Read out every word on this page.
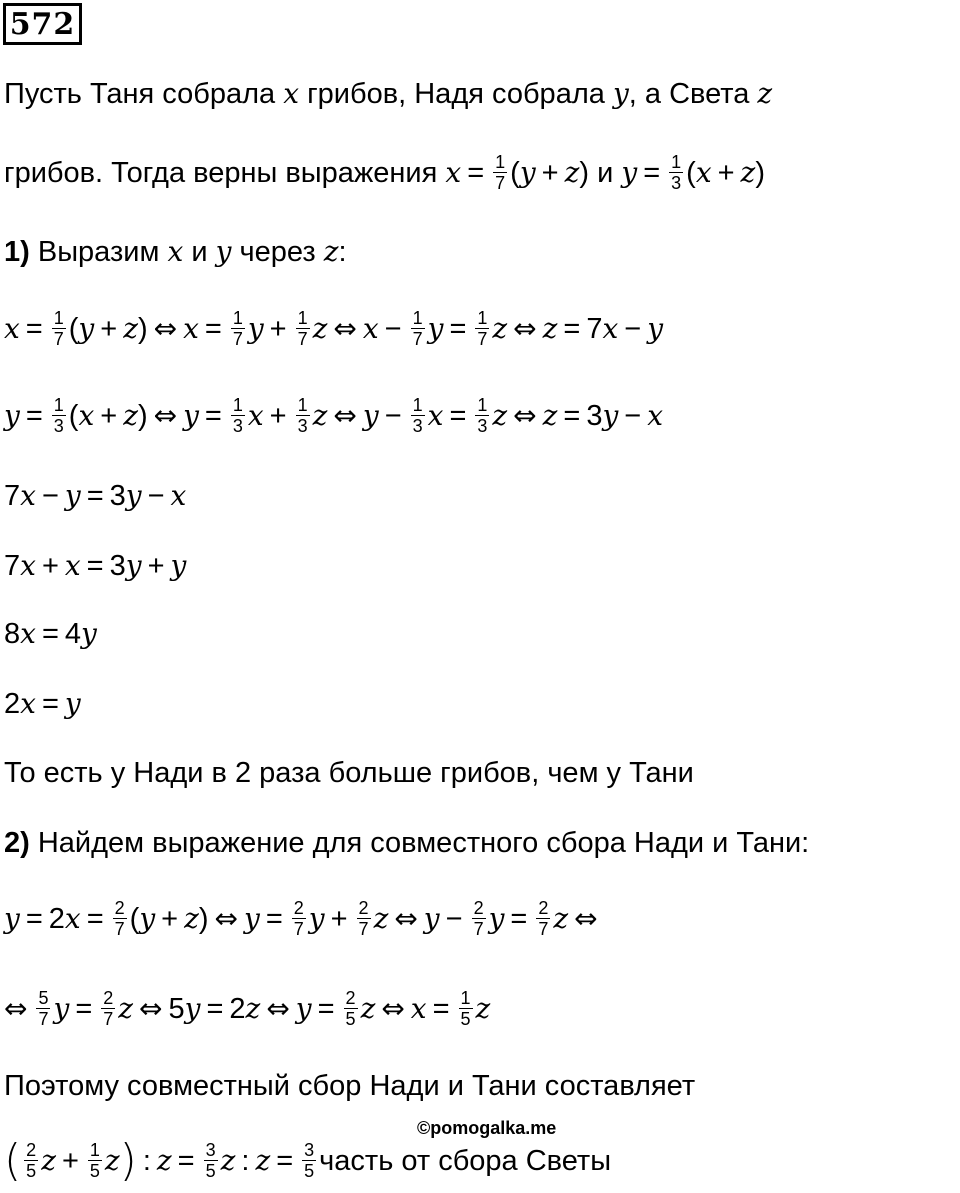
572
Пусть Таня собрала
x
грибов, Надя собрала
y , а Света
z
грибов. Тогда верны выражения
$x = \frac{1}{7}$ ( y + z )
и
$y = \frac{1}{3}$ ( x + z )
1)
Выразим
x
и
y
через
z :
$x = \frac{1}{7}$ ( y + z ) ⇔ $x = \frac{1}{7}$ $y + \frac{1}{7}$ z ⇔ $x - \frac{1}{7}$ $y = \frac{1}{7}$ z ⇔ z = 7 x − y
$y = \frac{1}{3}$ ( x + z ) ⇔ $y = \frac{1}{3}$ $x + \frac{1}{3}$ z ⇔ $y - \frac{1}{3}$ $x = \frac{1}{3}$ z ⇔ z = 3 y − x
7 x − y = 3 y − x
7 x + x = 3 y + y
8 x = 4 y
2 x = y
То есть у Нади в 2 раза больше грибов, чем у Тани
2)
Найдем выражение для совместного сбора Нади и Тани:
y = 2 $x = \frac{2}{7}$ ( y + z ) ⇔ $y = \frac{2}{7}$ $y + \frac{2}{7}$ z ⇔ $y - \frac{2}{7}$ $y = \frac{2}{7}$ z ⇔
⇔ $\frac{5}{7}$ $y = \frac{2}{7}$ z ⇔ 5 y = 2 z ⇔ $y = \frac{2}{5}$ z ⇔ $x = \frac{1}{5}$ z
Поэтому совместный сбор Нади и Тани составляет
( $\frac{2}{5}$ $z + \frac{1}{5}$ z ) : $z = \frac{3}{5}$ z : $z = \frac{3}{5}$ часть от сбора Светы
©pomogalka.me
